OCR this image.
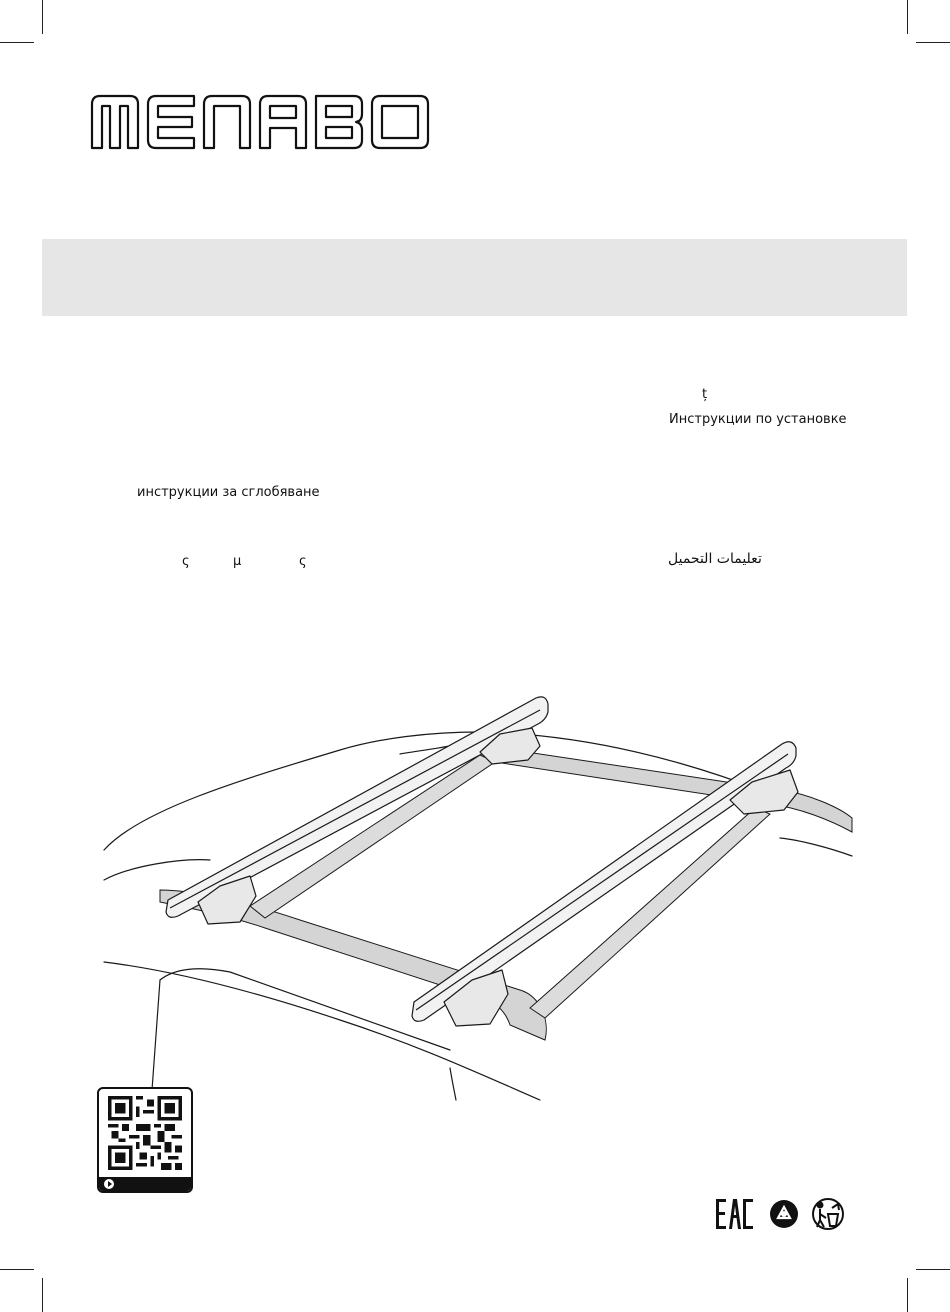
ț
Инструкции по установке
инструкции за сглобяване
ς	μ	ς	تعليمات التحميل
